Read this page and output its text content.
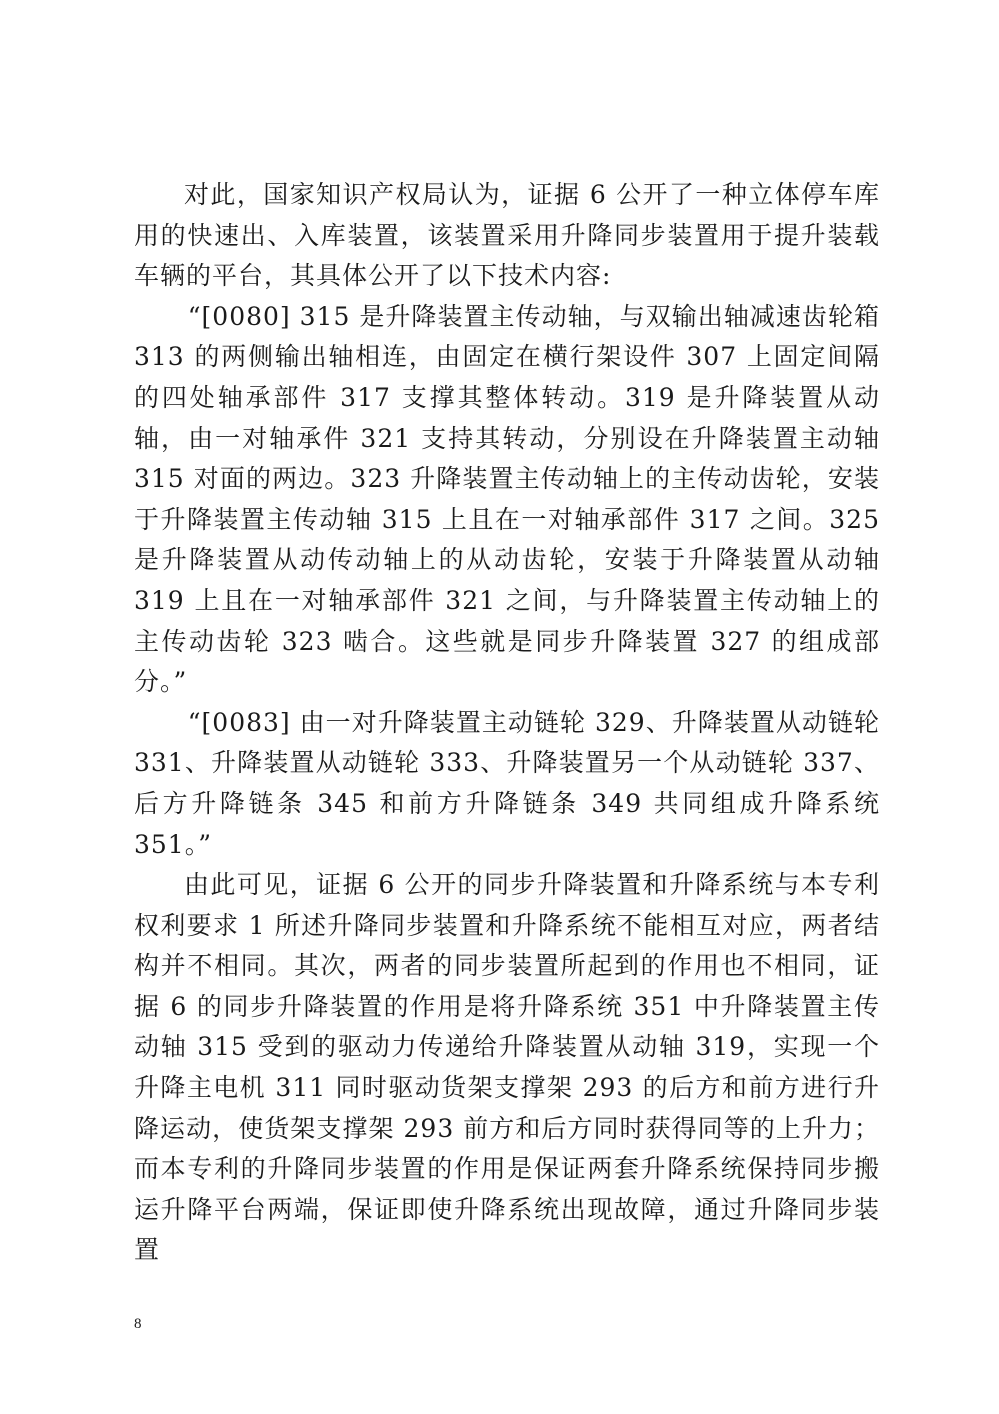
对此，国家知识产权局认为，证据 6 公开了一种立体停车库用的快速出、入库装置，该装置采用升降同步装置用于提升装载车辆的平台，其具体公开了以下技术内容:

“[0080] 315 是升降装置主传动轴，与双输出轴减速齿轮箱 313 的两侧输出轴相连，由固定在横行架设件 307 上固定间隔的四处轴承部件 317 支撑其整体转动。319 是升降装置从动轴，由一对轴承件 321 支持其转动，分别设在升降装置主动轴 315 对面的两边。323 升降装置主传动轴上的主传动齿轮，安装于升降装置主传动轴 315 上且在一对轴承部件 317 之间。325 是升降装置从动传动轴上的从动齿轮，安装于升降装置从动轴 319 上且在一对轴承部件 321 之间，与升降装置主传动轴上的主传动齿轮 323 啮合。这些就是同步升降装置 327 的组成部分。”

“[0083] 由一对升降装置主动链轮 329、升降装置从动链轮 331、升降装置从动链轮 333、升降装置另一个从动链轮 337、后方升降链条 345 和前方升降链条 349 共同组成升降系统 351。”

由此可见，证据 6 公开的同步升降装置和升降系统与本专利权利要求 1 所述升降同步装置和升降系统不能相互对应，两者结构并不相同。其次，两者的同步装置所起到的作用也不相同，证据 6 的同步升降装置的作用是将升降系统 351 中升降装置主传动轴 315 受到的驱动力传递给升降装置从动轴 319，实现一个升降主电机 311 同时驱动货架支撑架 293 的后方和前方进行升降运动，使货架支撑架 293 前方和后方同时获得同等的上升力；而本专利的升降同步装置的作用是保证两套升降系统保持同步搬运升降平台两端，保证即使升降系统出现故障，通过升降同步装置

8
